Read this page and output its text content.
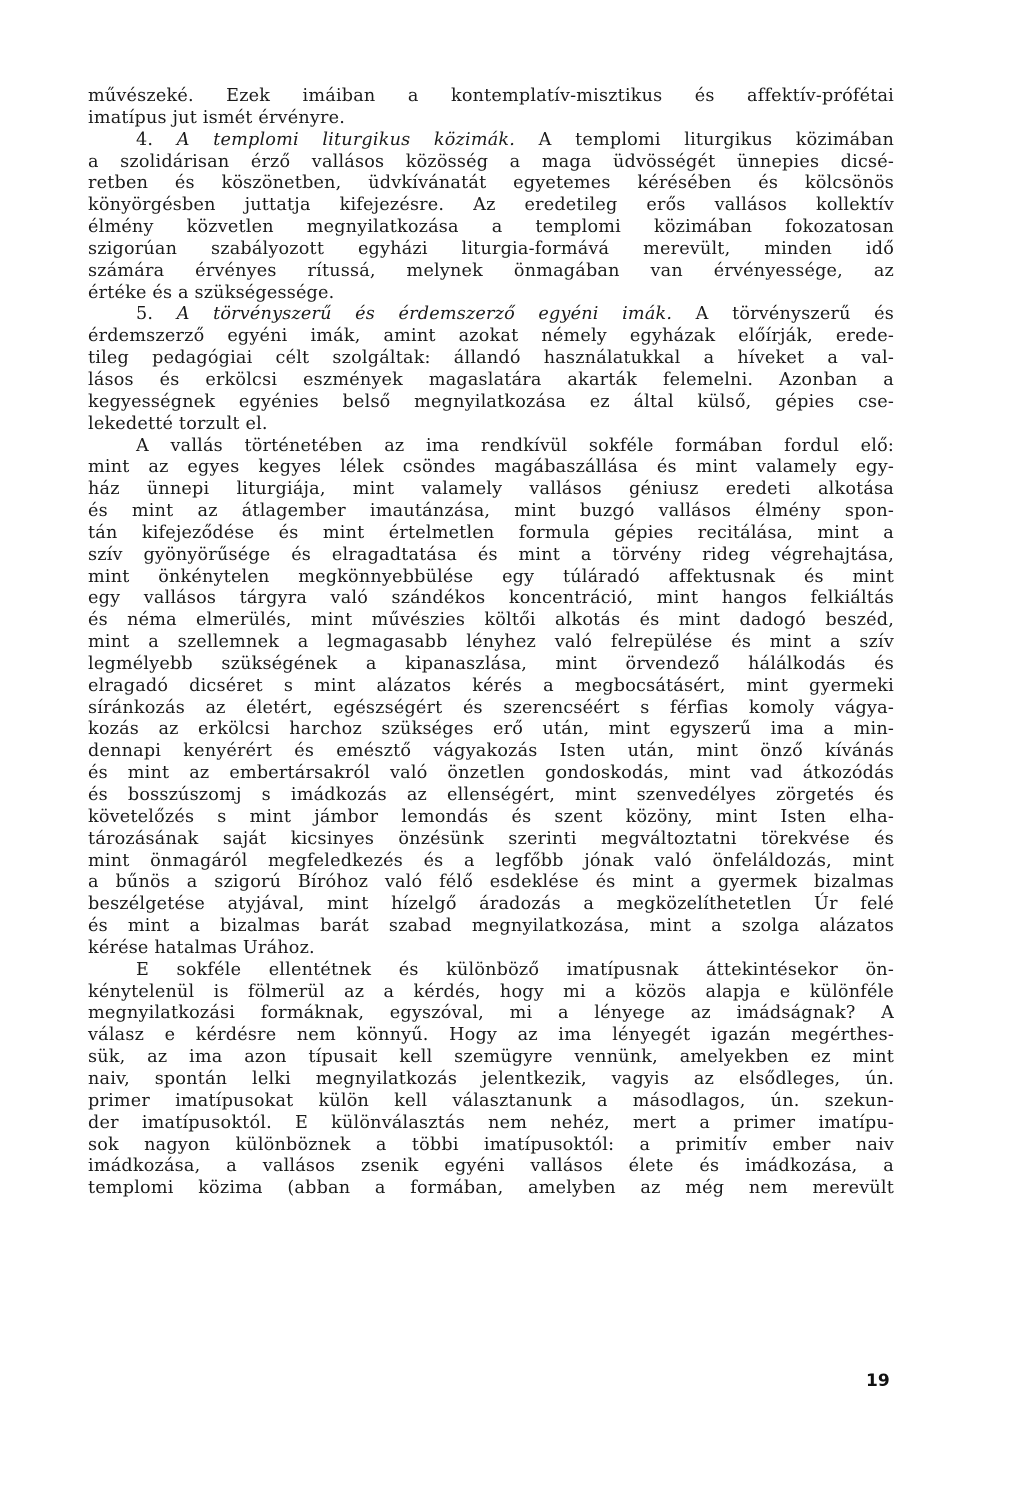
művészeké. Ezek imáiban a kontemplatív-misztikus és affektív-prófétai
imatípus jut ismét érvényre.
4. A templomi liturgikus közimák. A templomi liturgikus közimában
a szolidárisan érző vallásos közösség a maga üdvösségét ünnepies dicsé-
retben és köszönetben, üdvkívánatát egyetemes kérésében és kölcsönös
könyörgésben juttatja kifejezésre. Az eredetileg erős vallásos kollektív
élmény közvetlen megnyilatkozása a templomi közimában fokozatosan
szigorúan szabályozott egyházi liturgia-formává merevült, minden idő
számára érvényes rítussá, melynek önmagában van érvényessége, az
értéke és a szükségessége.
5. A törvényszerű és érdemszerző egyéni imák. A törvényszerű és
érdemszerző egyéni imák, amint azokat némely egyházak előírják, erede-
tileg pedagógiai célt szolgáltak: állandó használatukkal a híveket a val-
lásos és erkölcsi eszmények magaslatára akarták felemelni. Azonban a
kegyességnek egyénies belső megnyilatkozása ez által külső, gépies cse-
lekedetté torzult el.
A vallás történetében az ima rendkívül sokféle formában fordul elő:
mint az egyes kegyes lélek csöndes magábaszállása és mint valamely egy-
ház ünnepi liturgiája, mint valamely vallásos géniusz eredeti alkotása
és mint az átlagember imautánzása, mint buzgó vallásos élmény spon-
tán kifejeződése és mint értelmetlen formula gépies recitálása, mint a
szív gyönyörűsége és elragadtatása és mint a törvény rideg végrehajtása,
mint önkénytelen megkönnyebbülése egy túláradó affektusnak és mint
egy vallásos tárgyra való szándékos koncentráció, mint hangos felkiáltás
és néma elmerülés, mint művészies költői alkotás és mint dadogó beszéd,
mint a szellemnek a legmagasabb lényhez való felrepülése és mint a szív
legmélyebb szükségének a kipanaszlása, mint örvendező hálálkodás és
elragadó dicséret s mint alázatos kérés a megbocsátásért, mint gyermeki
síránkozás az életért, egészségért és szerencséért s férfias komoly vágya-
kozás az erkölcsi harchoz szükséges erő után, mint egyszerű ima a min-
dennapi kenyérért és emésztő vágyakozás Isten után, mint önző kívánás
és mint az embertársakról való önzetlen gondoskodás, mint vad átkozódás
és bosszúszomj s imádkozás az ellenségért, mint szenvedélyes zörgetés és
követelőzés s mint jámbor lemondás és szent közöny, mint Isten elha-
tározásának saját kicsinyes önzésünk szerinti megváltoztatni törekvése és
mint önmagáról megfeledkezés és a legfőbb jónak való önfeláldozás, mint
a bűnös a szigorú Bíróhoz való félő esdeklése és mint a gyermek bizalmas
beszélgetése atyjával, mint hízelgő áradozás a megközelíthetetlen Úr felé
és mint a bizalmas barát szabad megnyilatkozása, mint a szolga alázatos
kérése hatalmas Urához.
E sokféle ellentétnek és különböző imatípusnak áttekintésekor ön-
kénytelenül is fölmerül az a kérdés, hogy mi a közös alapja e különféle
megnyilatkozási formáknak, egyszóval, mi a lényege az imádságnak? A
válasz e kérdésre nem könnyű. Hogy az ima lényegét igazán megérthes-
sük, az ima azon típusait kell szemügyre vennünk, amelyekben ez mint
naiv, spontán lelki megnyilatkozás jelentkezik, vagyis az elsődleges, ún.
primer imatípusokat külön kell választanunk a másodlagos, ún. szekun-
der imatípusoktól. E különválasztás nem nehéz, mert a primer imatípu-
sok nagyon különböznek a többi imatípusoktól: a primitív ember naiv
imádkozása, a vallásos zsenik egyéni vallásos élete és imádkozása, a
templomi közima (abban a formában, amelyben az még nem merevült
19
